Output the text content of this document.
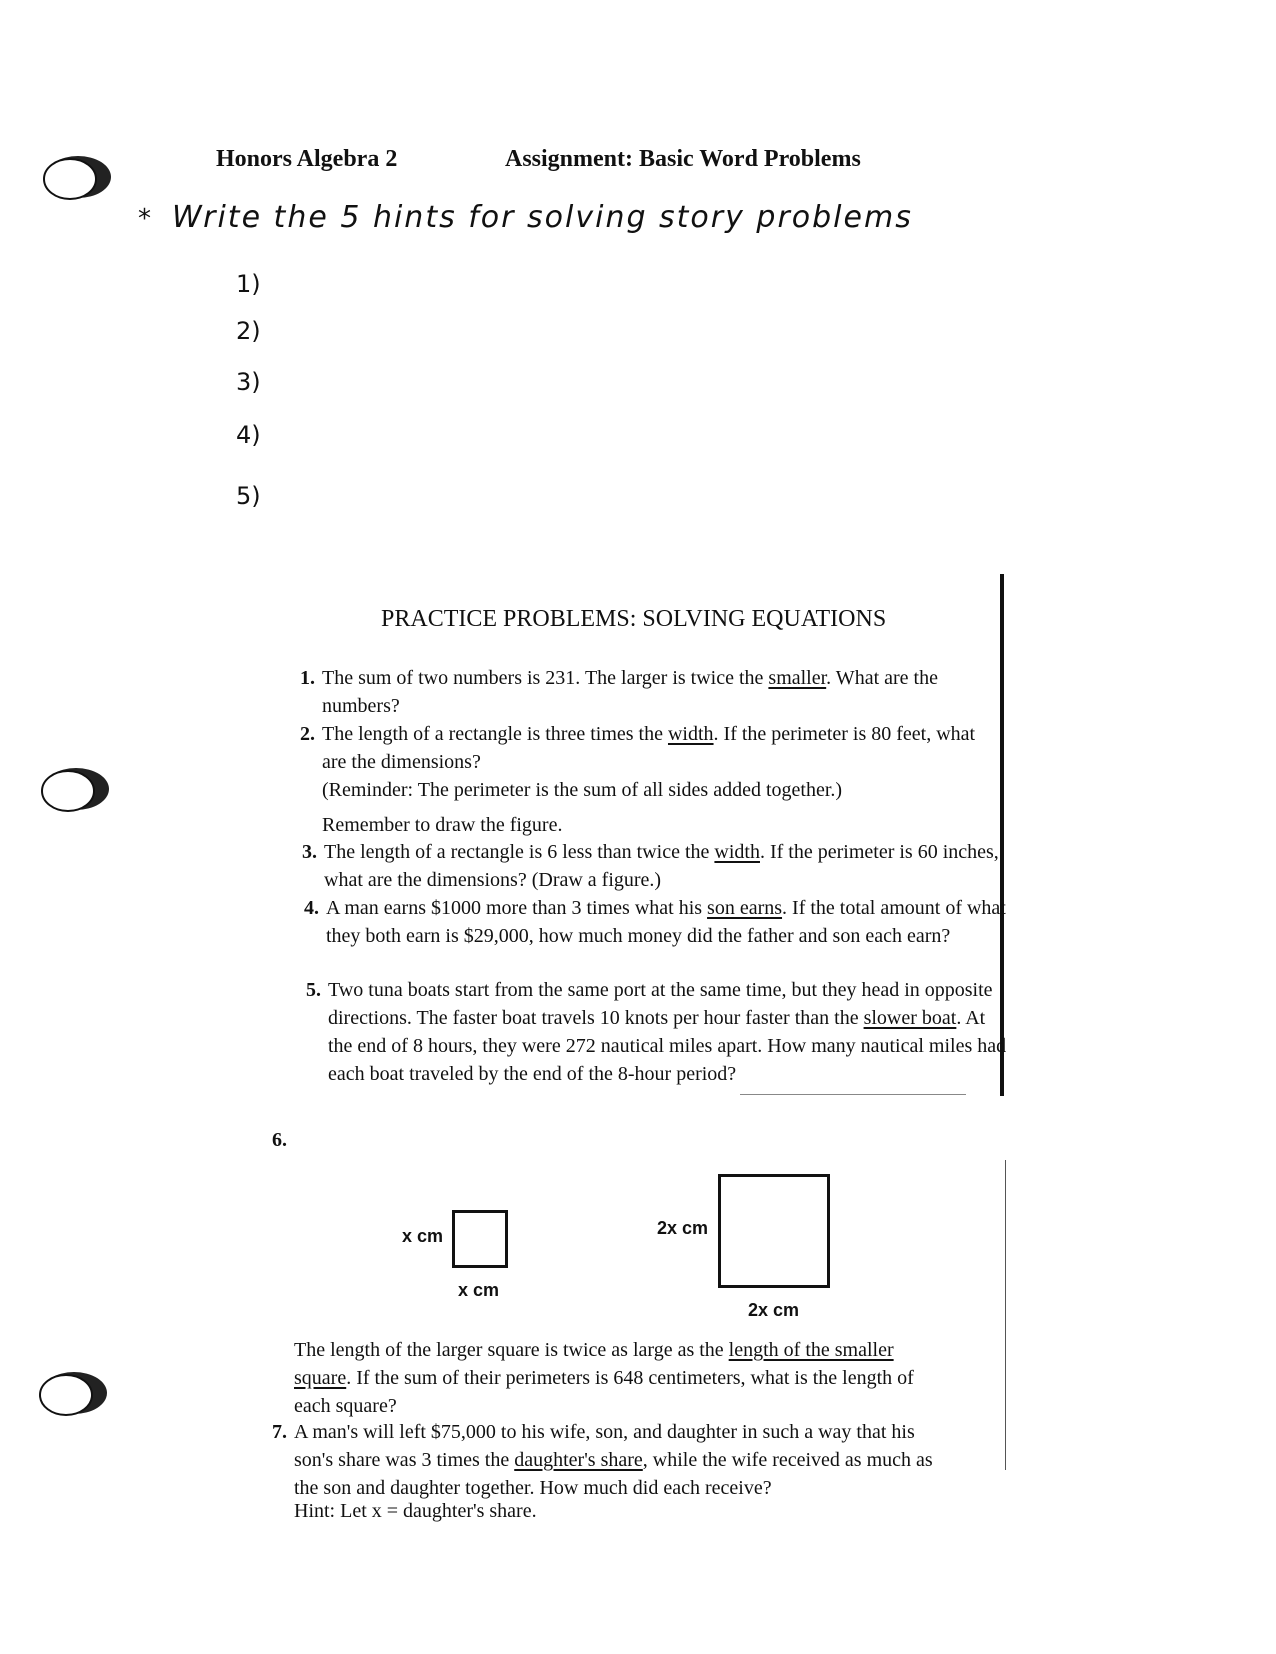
Honors Algebra 2	Assignment: Basic Word Problems
* Write the 5 hints for solving story problems
1)
2)
3)
4)
5)
PRACTICE PROBLEMS: SOLVING EQUATIONS
1. The sum of two numbers is 231. The larger is twice the smaller. What are the numbers?
2. The length of a rectangle is three times the width. If the perimeter is 80 feet, what are the dimensions?
(Reminder: The perimeter is the sum of all sides added together.)
Remember to draw the figure.
3. The length of a rectangle is 6 less than twice the width. If the perimeter is 60 inches, what are the dimensions? (Draw a figure.)
4. A man earns $1000 more than 3 times what his son earns. If the total amount of what they both earn is $29,000, how much money did the father and son each earn?
5. Two tuna boats start from the same port at the same time, but they head in opposite directions. The faster boat travels 10 knots per hour faster than the slower boat. At the end of 8 hours, they were 272 nautical miles apart. How many nautical miles had each boat traveled by the end of the 8-hour period?
6.
x cm
x cm
2x cm
2x cm
The length of the larger square is twice as large as the length of the smaller square. If the sum of their perimeters is 648 centimeters, what is the length of each square?
7. A man's will left $75,000 to his wife, son, and daughter in such a way that his son's share was 3 times the daughter's share, while the wife received as much as the son and daughter together. How much did each receive?
Hint: Let x = daughter's share.
